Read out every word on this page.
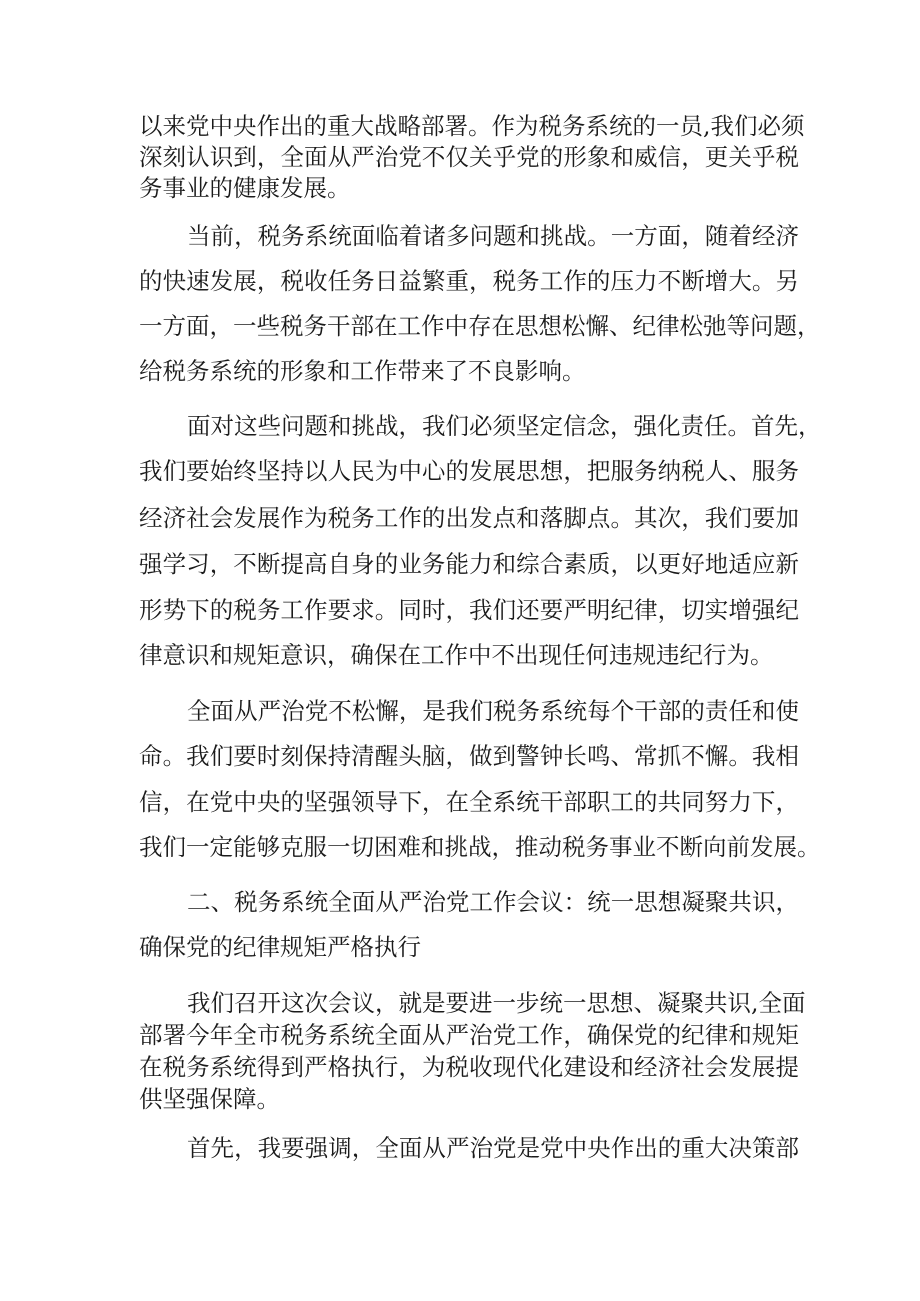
以来党中央作出的重大战略部署。作为税务系统的一员,我们必须
深刻认识到，全面从严治党不仅关乎党的形象和威信，更关乎税
务事业的健康发展。
当前，税务系统面临着诸多问题和挑战。一方面，随着经济
的快速发展，税收任务日益繁重，税务工作的压力不断增大。另
一方面，一些税务干部在工作中存在思想松懈、纪律松弛等问题，
给税务系统的形象和工作带来了不良影响。
面对这些问题和挑战，我们必须坚定信念，强化责任。首先，
我们要始终坚持以人民为中心的发展思想，把服务纳税人、服务
经济社会发展作为税务工作的出发点和落脚点。其次，我们要加
强学习，不断提高自身的业务能力和综合素质，以更好地适应新
形势下的税务工作要求。同时，我们还要严明纪律，切实增强纪
律意识和规矩意识，确保在工作中不出现任何违规违纪行为。
全面从严治党不松懈，是我们税务系统每个干部的责任和使
命。我们要时刻保持清醒头脑，做到警钟长鸣、常抓不懈。我相
信，在党中央的坚强领导下，在全系统干部职工的共同努力下，
我们一定能够克服一切困难和挑战，推动税务事业不断向前发展。
二、税务系统全面从严治党工作会议：统一思想凝聚共识，
确保党的纪律规矩严格执行
我们召开这次会议，就是要进一步统一思想、凝聚共识,全面
部署今年全市税务系统全面从严治党工作，确保党的纪律和规矩
在税务系统得到严格执行，为税收现代化建设和经济社会发展提
供坚强保障。
首先，我要强调，全面从严治党是党中央作出的重大决策部
